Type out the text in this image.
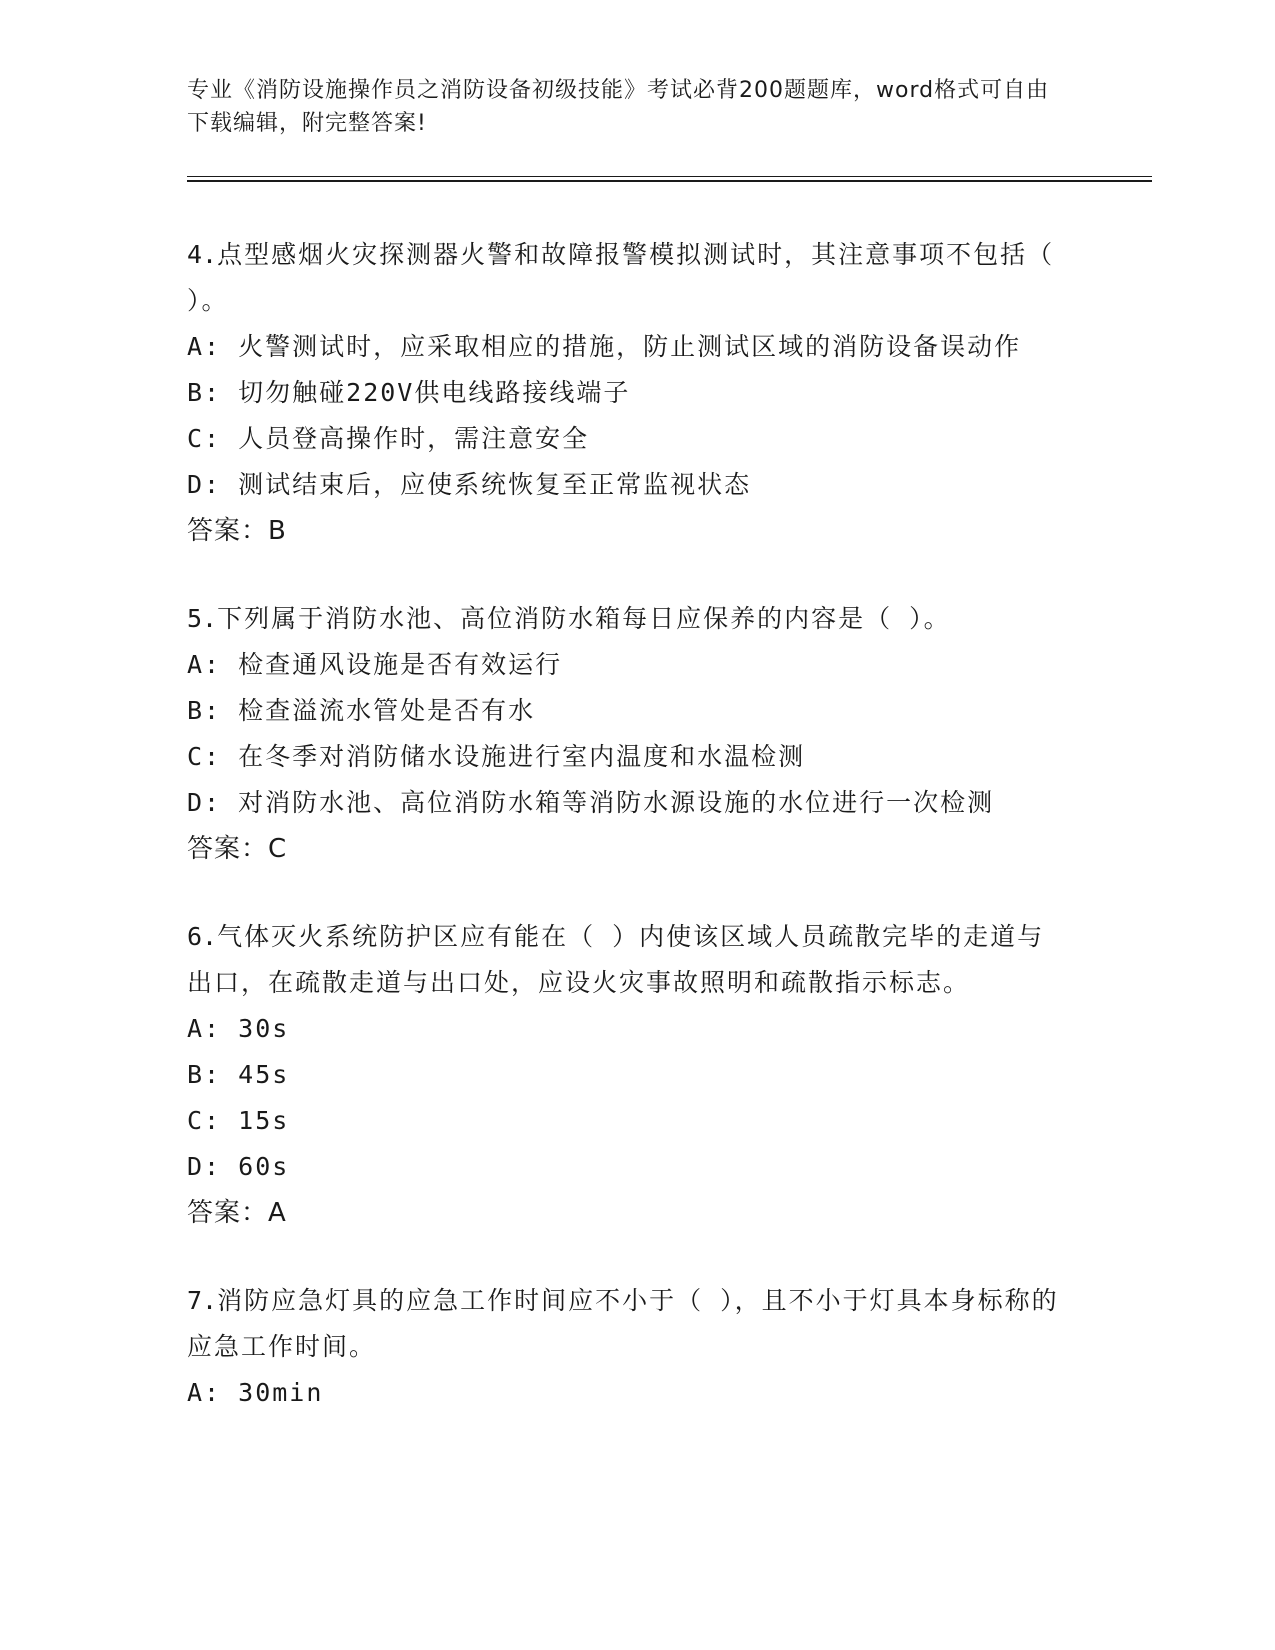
专业《消防设施操作员之消防设备初级技能》考试必背200题题库，word格式可自由下载编辑，附完整答案!
4.点型感烟火灾探测器火警和故障报警模拟测试时，其注意事项不包括（ ）。
A: 火警测试时，应采取相应的措施，防止测试区域的消防设备误动作
B: 切勿触碰220V供电线路接线端子
C: 人员登高操作时，需注意安全
D: 测试结束后，应使系统恢复至正常监视状态
答案：B
5.下列属于消防水池、高位消防水箱每日应保养的内容是（ ）。
A: 检查通风设施是否有效运行
B: 检查溢流水管处是否有水
C: 在冬季对消防储水设施进行室内温度和水温检测
D: 对消防水池、高位消防水箱等消防水源设施的水位进行一次检测
答案：C
6.气体灭火系统防护区应有能在（ ）内使该区域人员疏散完毕的走道与出口，在疏散走道与出口处，应设火灾事故照明和疏散指示标志。
A: 30s
B: 45s
C: 15s
D: 60s
答案：A
7.消防应急灯具的应急工作时间应不小于（ ），且不小于灯具本身标称的应急工作时间。
A: 30min
